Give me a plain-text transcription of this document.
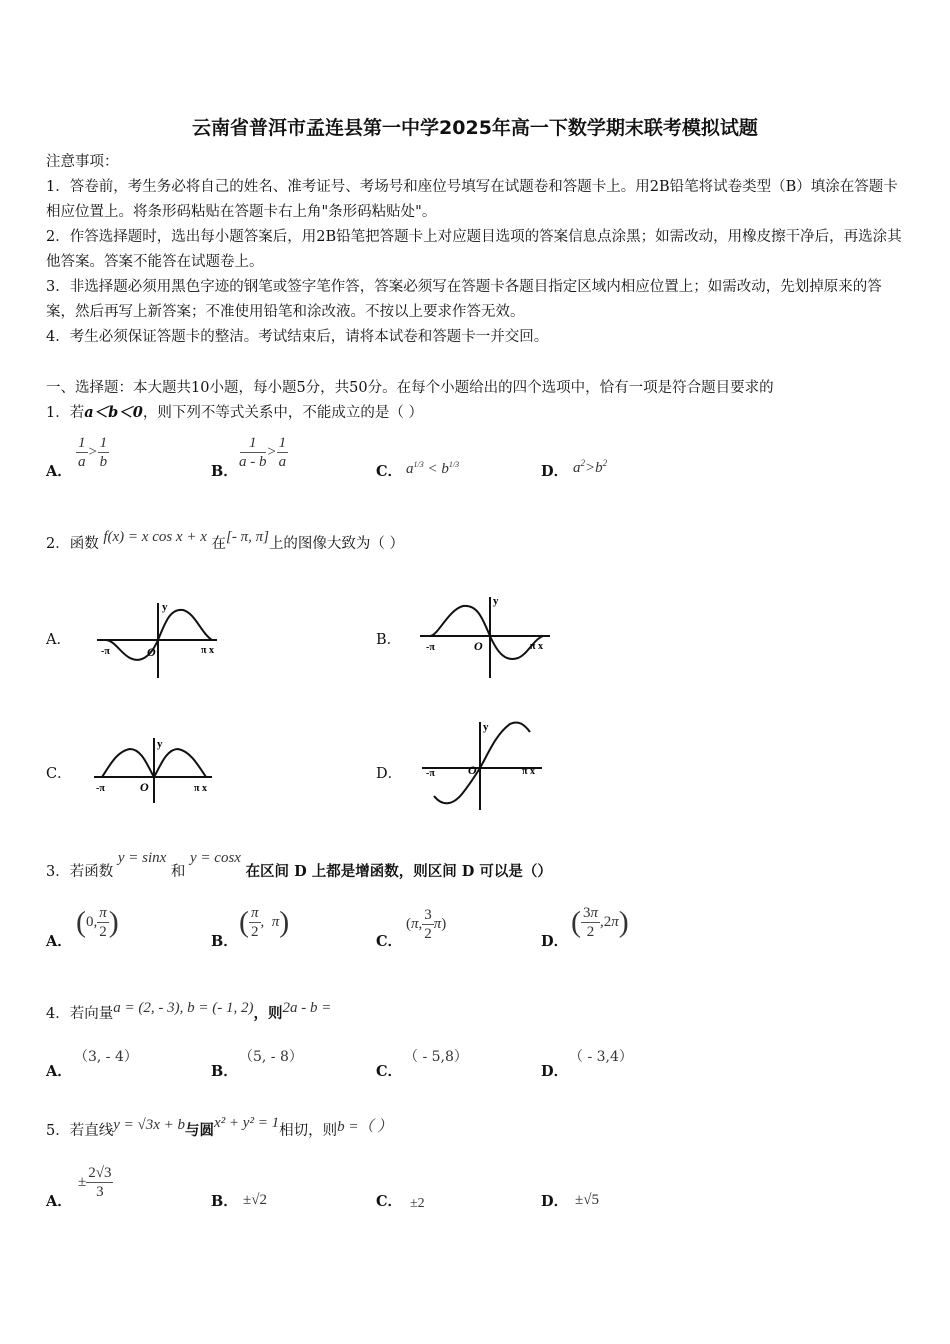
云南省普洱市孟连县第一中学2025年高一下数学期末联考模拟试题
注意事项：
1．答卷前，考生务必将自己的姓名、准考证号、考场号和座位号填写在试题卷和答题卡上。用2B铅笔将试卷类型（B）填涂在答题卡相应位置上。将条形码粘贴在答题卡右上角"条形码粘贴处"。
2．作答选择题时，选出每小题答案后，用2B铅笔把答题卡上对应题目选项的答案信息点涂黑；如需改动，用橡皮擦干净后，再选涂其他答案。答案不能答在试题卷上。
3．非选择题必须用黑色字迹的钢笔或签字笔作答，答案必须写在答题卡各题目指定区域内相应位置上；如需改动，先划掉原来的答案，然后再写上新答案；不准使用铅笔和涂改液。不按以上要求作答无效。
4．考生必须保证答题卡的整洁。考试结束后，请将本试卷和答题卡一并交回。
一、选择题：本大题共10小题，每小题5分，共50分。在每个小题给出的四个选项中，恰有一项是符合题目要求的
1．若a＜b＜0，则下列不等式关系中，不能成立的是（ ）
A．
$\frac{1}{a} > \frac{1}{b}$
B．
$\frac{1}{a - b} > \frac{1}{a}$
C． $a^{1/3} < b^{1/3}$	D． $a^2>b^2$
2．函数 f(x) = x cos x + x 在[- π, π]上的图像大致为（ ）
A．
y
O
-π	π x
B．
y
O
-π	π x
C．
y
O
-π	π x
D．
y
O
-π	π x
3．若函数 y = sinx 和 y = cosx 在区间 D 上都是增函数，则区间 D 可以是（）
A．
(0, $\frac{\pi}{2}$ )
B．
( $\frac{\pi}{2}$ ,  π)
C．
(π, $\frac{3}{2} \pi$)
D．
( $\frac{3\pi}{2} ,2\pi$)
4．若向量a = (2, - 3), b = (- 1, 2)，则2a - b =
A．
（3, - 4）
B．
（5, - 8）
C．
（ - 5,8）
D．
（ - 3,4）
5．若直线y = √3x + b与圆x² + y² = 1相切，则b =（ ）
A．
± $\frac{2√3}{3}$
B． ±√2	C． ±2	D． ±√5
